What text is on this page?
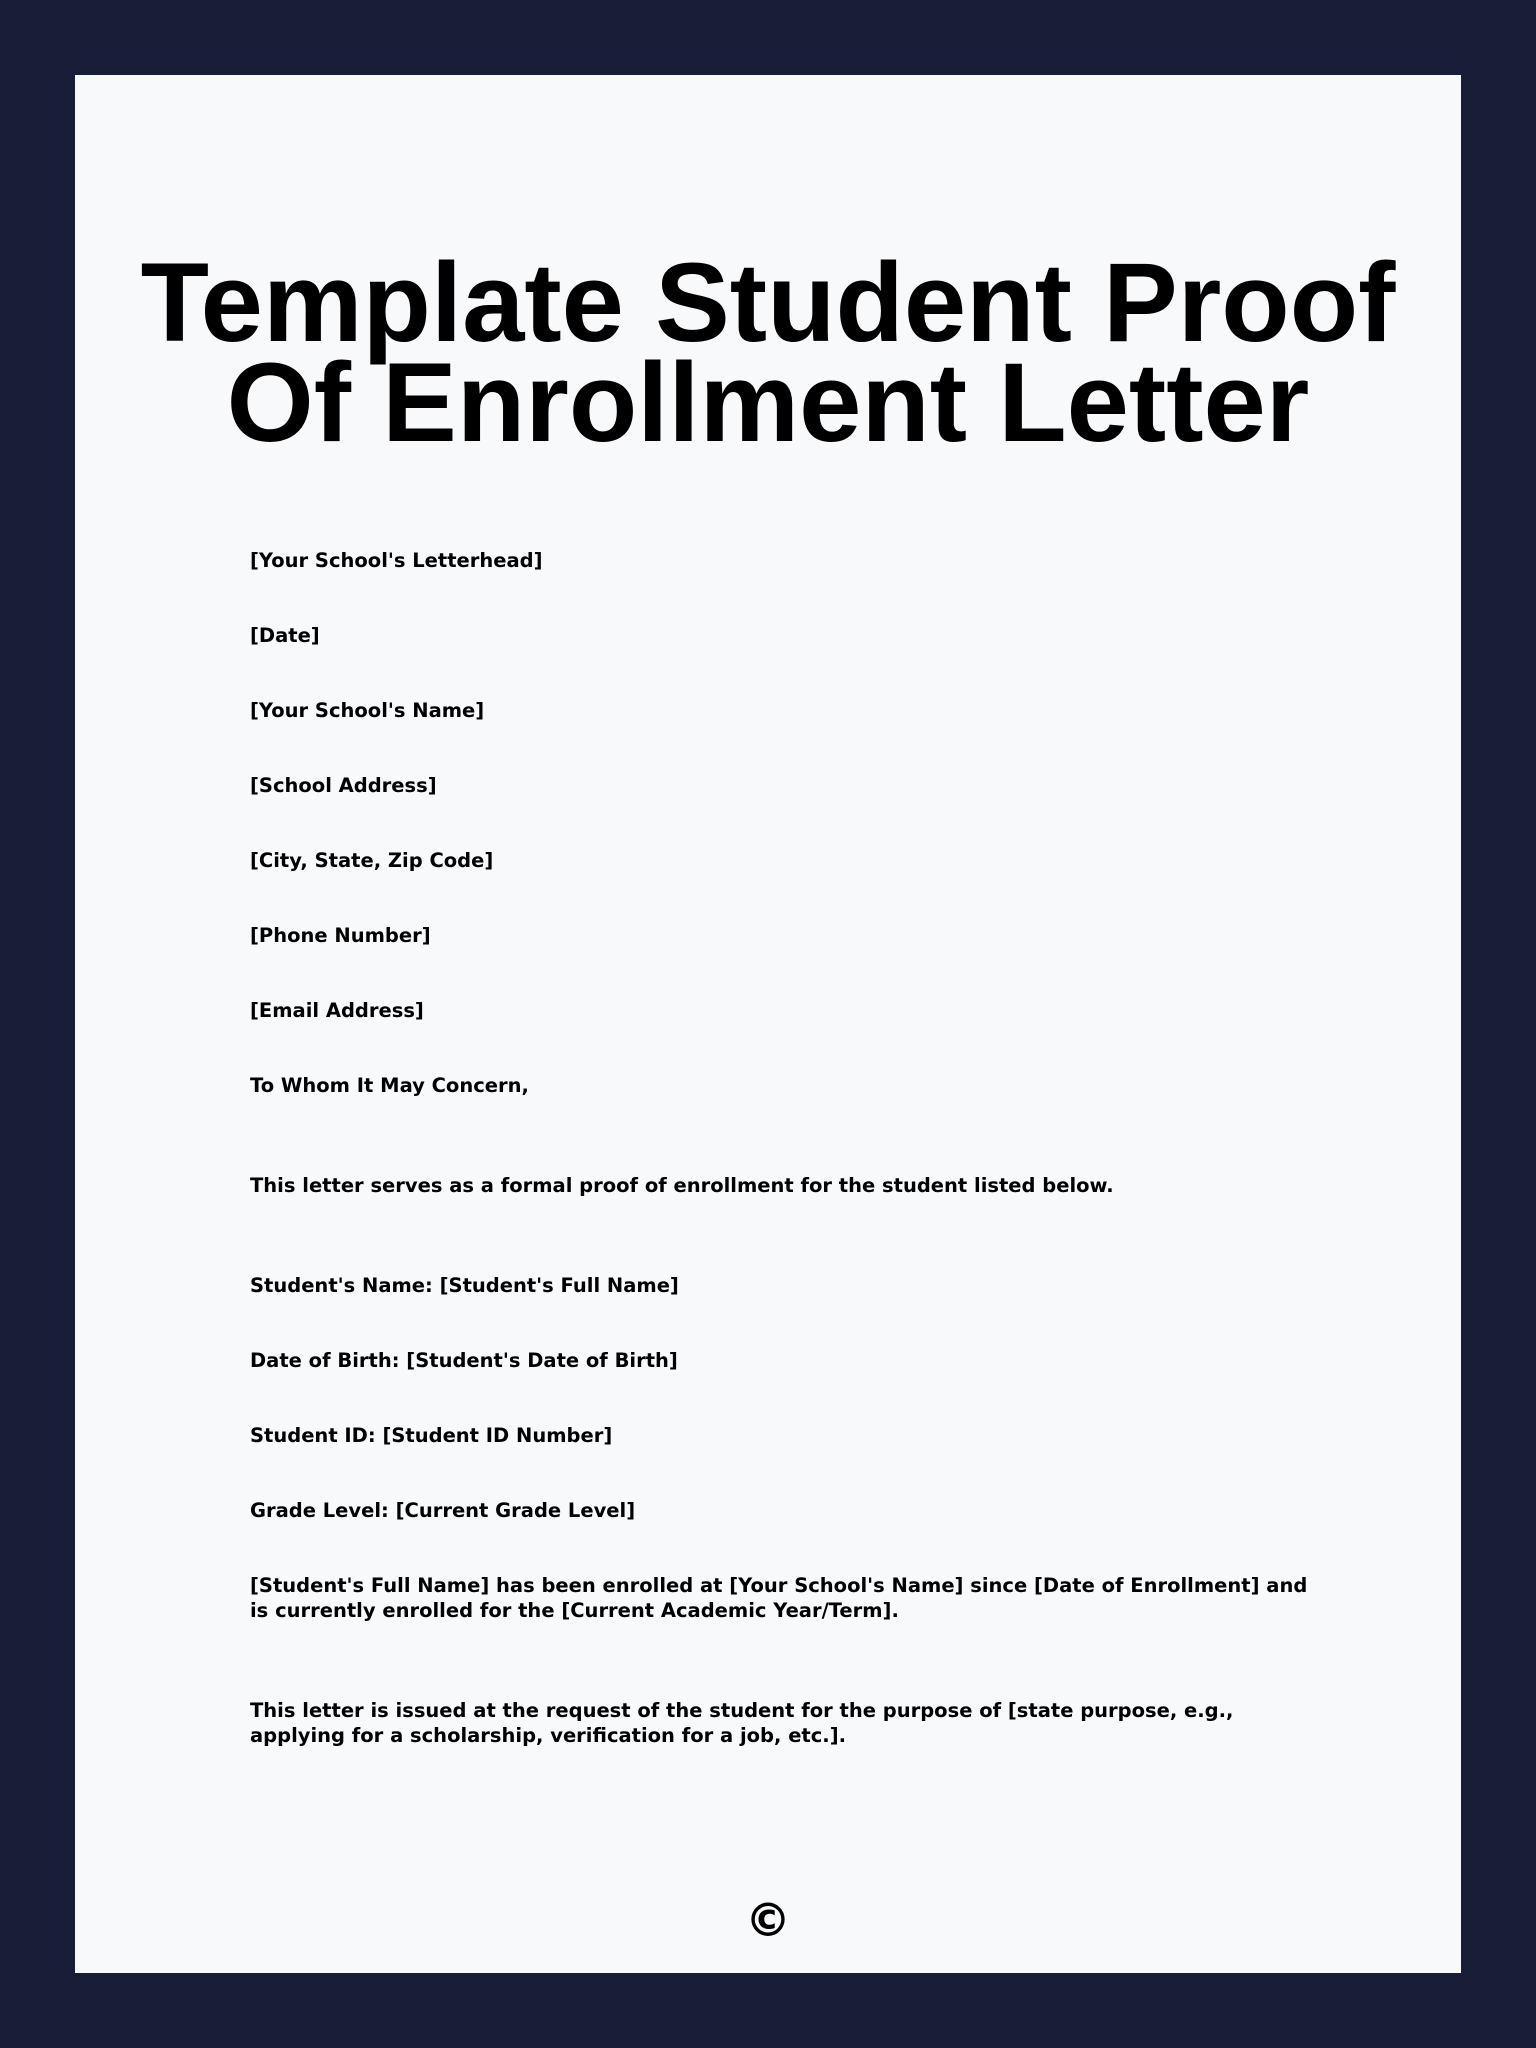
Template Student Proof Of Enrollment Letter

[Your School's Letterhead]

[Date]

[Your School's Name]

[School Address]

[City, State, Zip Code]

[Phone Number]

[Email Address]

To Whom It May Concern,

This letter serves as a formal proof of enrollment for the student listed below.

Student's Name: [Student's Full Name]

Date of Birth: [Student's Date of Birth]

Student ID: [Student ID Number]

Grade Level: [Current Grade Level]

[Student's Full Name] has been enrolled at [Your School's Name] since [Date of Enrollment] and is currently enrolled for the [Current Academic Year/Term].

This letter is issued at the request of the student for the purpose of [state purpose, e.g., applying for a scholarship, verification for a job, etc.].

©
